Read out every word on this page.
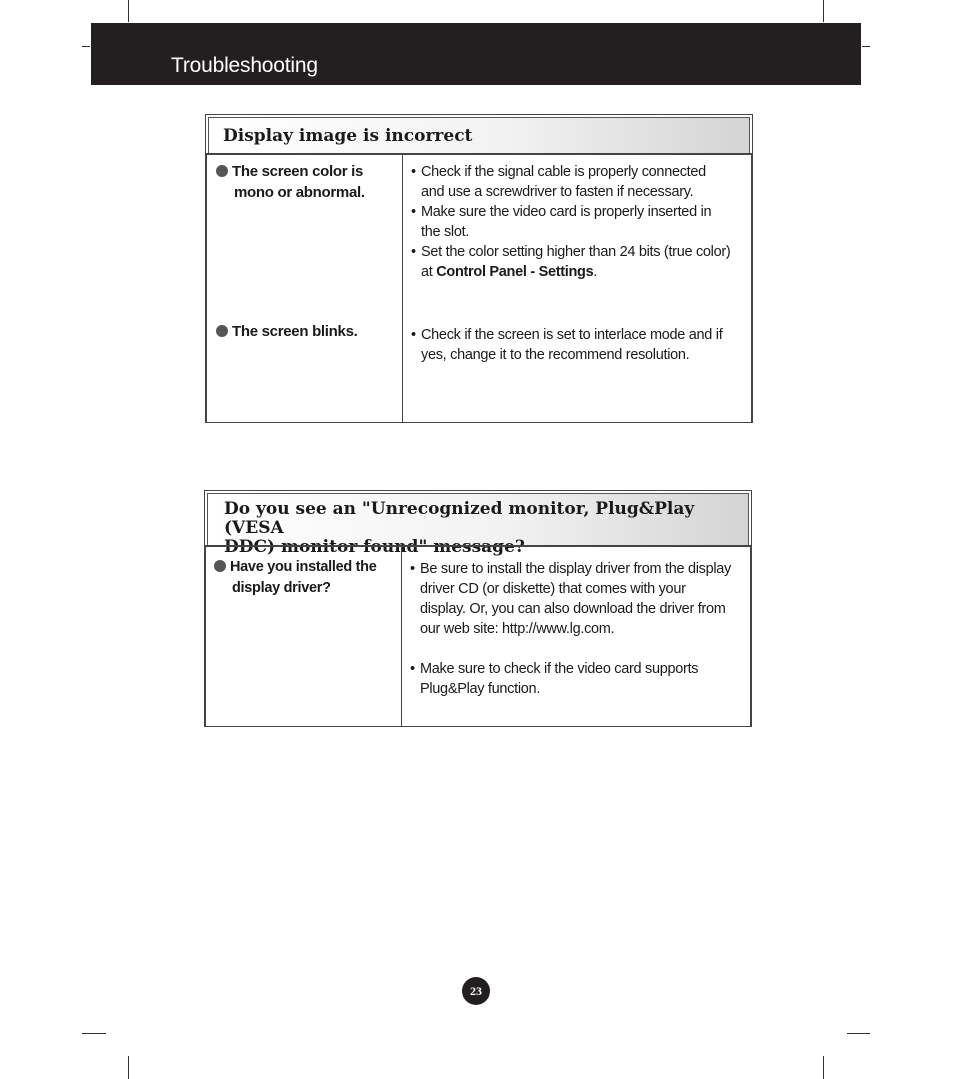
Troubleshooting
Display image is incorrect
The screen color is
mono or abnormal.
• Check if the signal cable is properly connected
and use a screwdriver to fasten if necessary.
• Make sure the video card is properly inserted in
the slot.
• Set the color setting higher than 24 bits (true color)
at Control Panel - Settings.
The screen blinks.
•	Check if the screen is set to interlace mode and if
yes, change it to the recommend resolution.
Do you see an "Unrecognized monitor, Plug&Play (VESA
DDC) monitor found" message?
Have you installed the
display driver?
• Be sure to install the display driver from the display
driver CD (or diskette) that comes with your
display. Or, you can also download the driver from
our web site: http://www.lg.com.
• Make sure to check if the video card supports
Plug&Play function.
23
